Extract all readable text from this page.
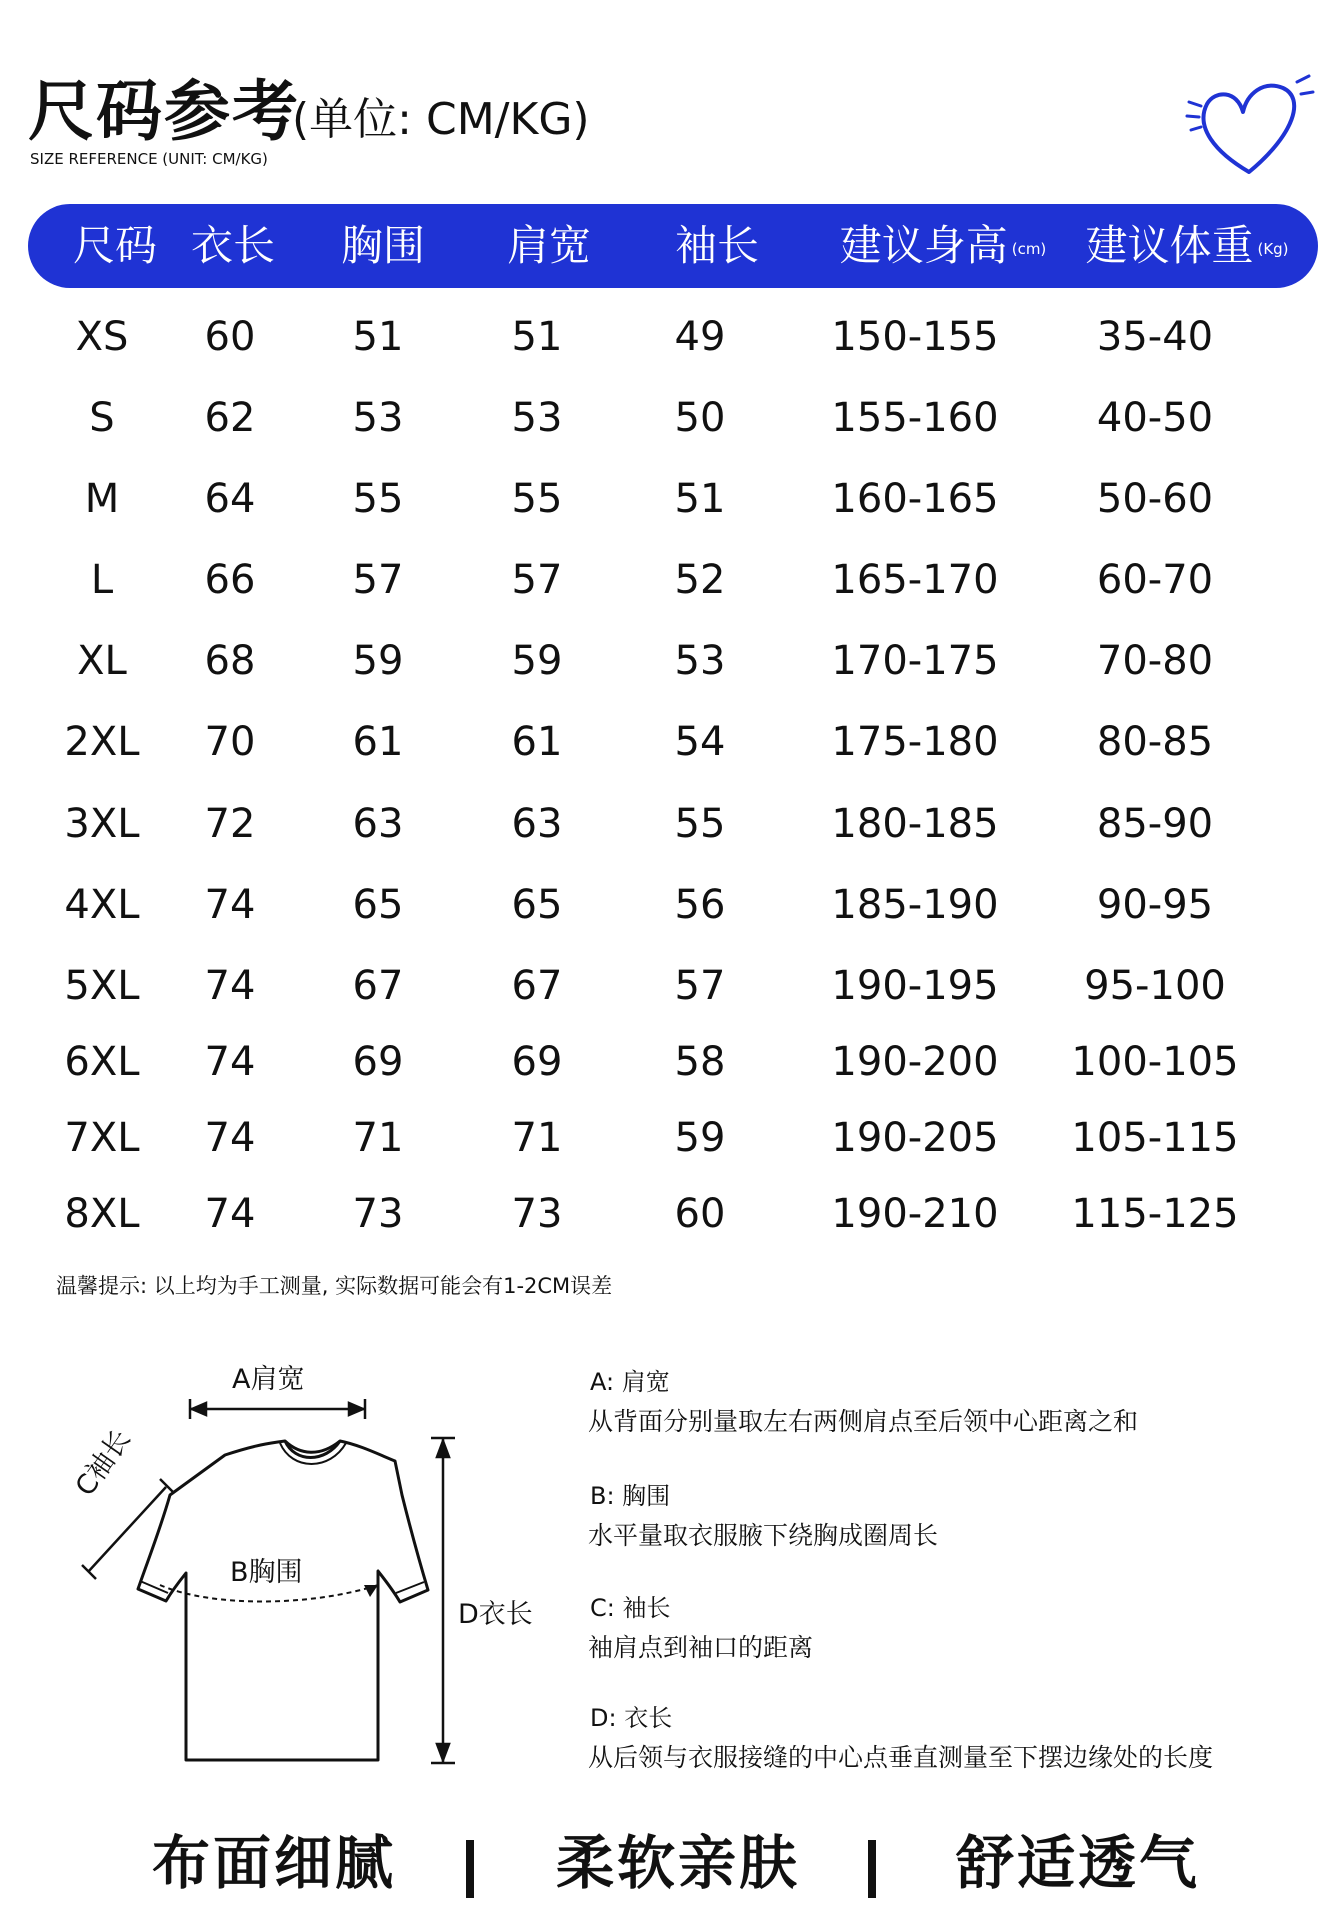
尺码参考
(单位: CM/KG)
SIZE REFERENCE (UNIT: CM/KG)
尺码 衣长	胸围	肩宽	袖长	建议身高 (cm) 建议体重 (Kg)
XS	60	51	51	49	150-155	35-40
S	62	53	53	50	155-160	40-50
M	64	55	55	51	160-165	50-60
L	66	57	57	52	165-170	60-70
XL	68	59	59	53	170-175	70-80
2XL	70	61	61	54	175-180	80-85
3XL	72	63	63	55	180-185	85-90
4XL	74	65	65	56	185-190	90-95
5XL	74	67	67	57	190-195	95-100
6XL	74	69	69	58	190-200	100-105
7XL	74	71	71	59	190-205	105-115
8XL	74	73	73	60	190-210	115-125
温馨提示: 以上均为手工测量, 实际数据可能会有1-2CM误差
A肩宽
B胸围
C袖长
D衣长
A: 肩宽
从背面分别量取左右两侧肩点至后领中心距离之和
B: 胸围
水平量取衣服腋下绕胸成圈周长
C: 袖长
袖肩点到袖口的距离
D: 衣长
从后领与衣服接缝的中心点垂直测量至下摆边缘处的长度
布面细腻	柔软亲肤	舒适透气
